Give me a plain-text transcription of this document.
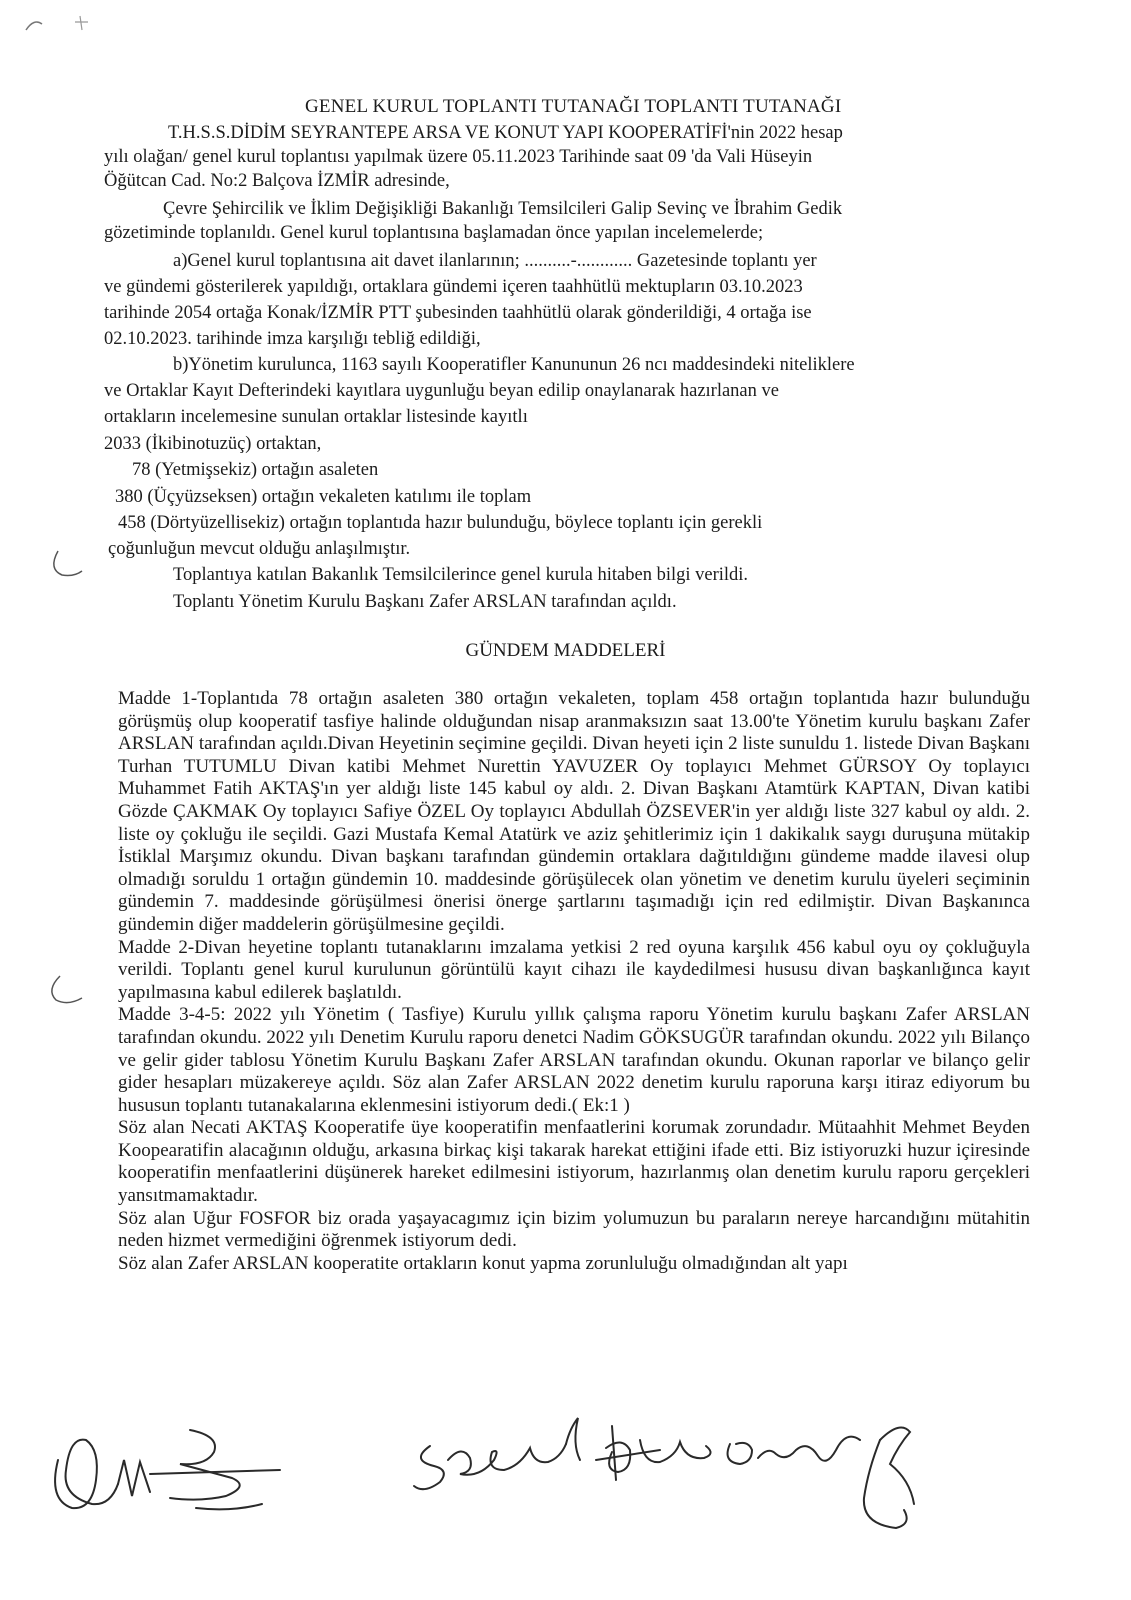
GENEL KURUL TOPLANTI TUTANAĞI TOPLANTI TUTANAĞI
T.H.S.S.DİDİM SEYRANTEPE ARSA VE KONUT YAPI KOOPERATİFİ'nin 2022 hesap
yılı olağan/ genel kurul toplantısı yapılmak üzere 05.11.2023 Tarihinde saat 09 'da Vali Hüseyin
Öğütcan Cad. No:2 Balçova İZMİR adresinde,
Çevre Şehircilik ve İklim Değişikliği Bakanlığı Temsilcileri Galip Sevinç ve İbrahim Gedik
gözetiminde toplanıldı. Genel kurul toplantısına başlamadan önce yapılan incelemelerde;
a)Genel kurul toplantısına ait davet ilanlarının; ..........-............ Gazetesinde toplantı yer
ve gündemi gösterilerek yapıldığı, ortaklara gündemi içeren taahhütlü mektupların 03.10.2023
tarihinde 2054 ortağa Konak/İZMİR PTT şubesinden taahhütlü olarak gönderildiği, 4 ortağa ise
02.10.2023. tarihinde imza karşılığı tebliğ edildiği,
b)Yönetim kurulunca, 1163 sayılı Kooperatifler Kanununun 26 ncı maddesindeki niteliklere
ve Ortaklar Kayıt Defterindeki kayıtlara uygunluğu beyan edilip onaylanarak hazırlanan ve
ortakların incelemesine sunulan ortaklar listesinde kayıtlı
2033 (İkibinotuzüç) ortaktan,
78 (Yetmişsekiz) ortağın asaleten
380 (Üçyüzseksen) ortağın vekaleten katılımı ile toplam
458 (Dörtyüzellisekiz) ortağın toplantıda hazır bulunduğu, böylece toplantı için gerekli
çoğunluğun mevcut olduğu anlaşılmıştır.
Toplantıya katılan Bakanlık Temsilcilerince genel kurula hitaben bilgi verildi.
Toplantı Yönetim Kurulu Başkanı Zafer ARSLAN tarafından açıldı.
GÜNDEM MADDELERİ

Madde 1-Toplantıda 78 ortağın asaleten 380 ortağın vekaleten, toplam 458 ortağın toplantıda hazır bulunduğu görüşmüş olup kooperatif tasfiye halinde olduğundan nisap aranmaksızın saat 13.00'te Yönetim kurulu başkanı Zafer ARSLAN tarafından açıldı.Divan Heyetinin seçimine geçildi. Divan heyeti için 2 liste sunuldu 1. listede Divan Başkanı Turhan TUTUMLU Divan katibi Mehmet Nurettin YAVUZER Oy toplayıcı Mehmet GÜRSOY Oy toplayıcı Muhammet Fatih AKTAŞ'ın yer aldığı liste 145 kabul oy aldı. 2. Divan Başkanı Atamtürk KAPTAN, Divan katibi Gözde ÇAKMAK Oy toplayıcı Safiye ÖZEL Oy toplayıcı Abdullah ÖZSEVER'in yer aldığı liste 327 kabul oy aldı. 2. liste oy çokluğu ile seçildi. Gazi Mustafa Kemal Atatürk ve aziz şehitlerimiz için 1 dakikalık saygı duruşuna mütakip İstiklal Marşımız okundu. Divan başkanı tarafından gündemin ortaklara dağıtıldığını gündeme madde ilavesi olup olmadığı soruldu 1 ortağın gündemin 10. maddesinde görüşülecek olan yönetim ve denetim kurulu üyeleri seçiminin gündemin 7. maddesinde görüşülmesi önerisi önerge şartlarını taşımadığı için red edilmiştir. Divan Başkanınca gündemin diğer maddelerin görüşülmesine geçildi.

Madde 2-Divan heyetine toplantı tutanaklarını imzalama yetkisi 2 red oyuna karşılık 456 kabul oyu oy çokluğuyla verildi. Toplantı genel kurul kurulunun görüntülü kayıt cihazı ile kaydedilmesi hususu divan başkanlığınca kayıt yapılmasına kabul edilerek başlatıldı.

Madde 3-4-5: 2022 yılı Yönetim ( Tasfiye) Kurulu yıllık çalışma raporu Yönetim kurulu başkanı Zafer ARSLAN tarafından okundu. 2022 yılı Denetim Kurulu raporu denetci Nadim GÖKSUGÜR tarafından okundu. 2022 yılı Bilanço ve gelir gider tablosu Yönetim Kurulu Başkanı Zafer ARSLAN tarafından okundu. Okunan raporlar ve bilanço gelir gider hesapları müzakereye açıldı. Söz alan Zafer ARSLAN 2022 denetim kurulu raporuna karşı itiraz ediyorum bu hususun toplantı tutanakalarına eklenmesini istiyorum dedi.( Ek:1 )

Söz alan Necati AKTAŞ Kooperatife üye kooperatifin menfaatlerini korumak zorundadır. Mütaahhit Mehmet Beyden Koopearatifin alacağının olduğu, arkasına birkaç kişi takarak harekat ettiğini ifade etti. Biz istiyoruzki huzur içiresinde kooperatifin menfaatlerini düşünerek hareket edilmesini istiyorum, hazırlanmış olan denetim kurulu raporu gerçekleri yansıtmamaktadır.

Söz alan Uğur FOSFOR biz orada yaşayacagımız için bizim yolumuzun bu paraların nereye harcandığını mütahitin neden hizmet vermediğini öğrenmek istiyorum dedi.

Söz alan Zafer ARSLAN kooperatite ortakların konut yapma zorunluluğu olmadığından alt yapı
